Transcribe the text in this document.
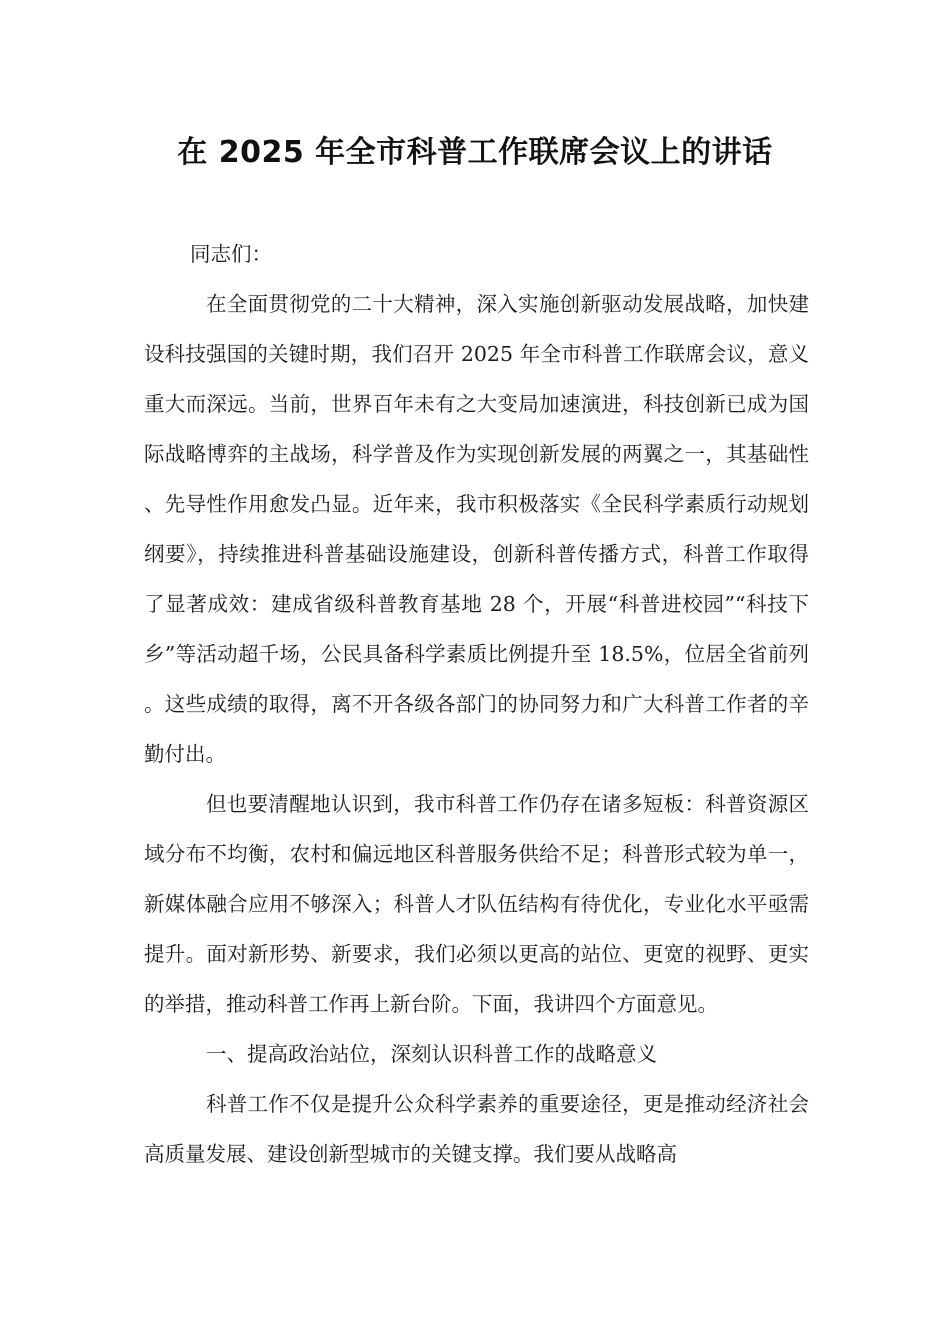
在 2025 年全市科普工作联席会议上的讲话

同志们：

在全面贯彻党的二十大精神，深入实施创新驱动发展战略，加快建设科技强国的关键时期，我们召开 2025 年全市科普工作联席会议，意义重大而深远。当前，世界百年未有之大变局加速演进，科技创新已成为国际战略博弈的主战场，科学普及作为实现创新发展的两翼之一，其基础性、先导性作用愈发凸显。近年来，我市积极落实《全民科学素质行动规划纲要》，持续推进科普基础设施建设，创新科普传播方式，科普工作取得了显著成效：建成省级科普教育基地 28 个，开展“科普进校园”“科技下乡”等活动超千场，公民具备科学素质比例提升至 18.5%，位居全省前列。这些成绩的取得，离不开各级各部门的协同努力和广大科普工作者的辛勤付出。

但也要清醒地认识到，我市科普工作仍存在诸多短板：科普资源区域分布不均衡，农村和偏远地区科普服务供给不足；科普形式较为单一，新媒体融合应用不够深入；科普人才队伍结构有待优化，专业化水平亟需提升。面对新形势、新要求，我们必须以更高的站位、更宽的视野、更实的举措，推动科普工作再上新台阶。下面，我讲四个方面意见。

一、提高政治站位，深刻认识科普工作的战略意义

科普工作不仅是提升公众科学素养的重要途径，更是推动经济社会高质量发展、建设创新型城市的关键支撑。我们要从战略高
